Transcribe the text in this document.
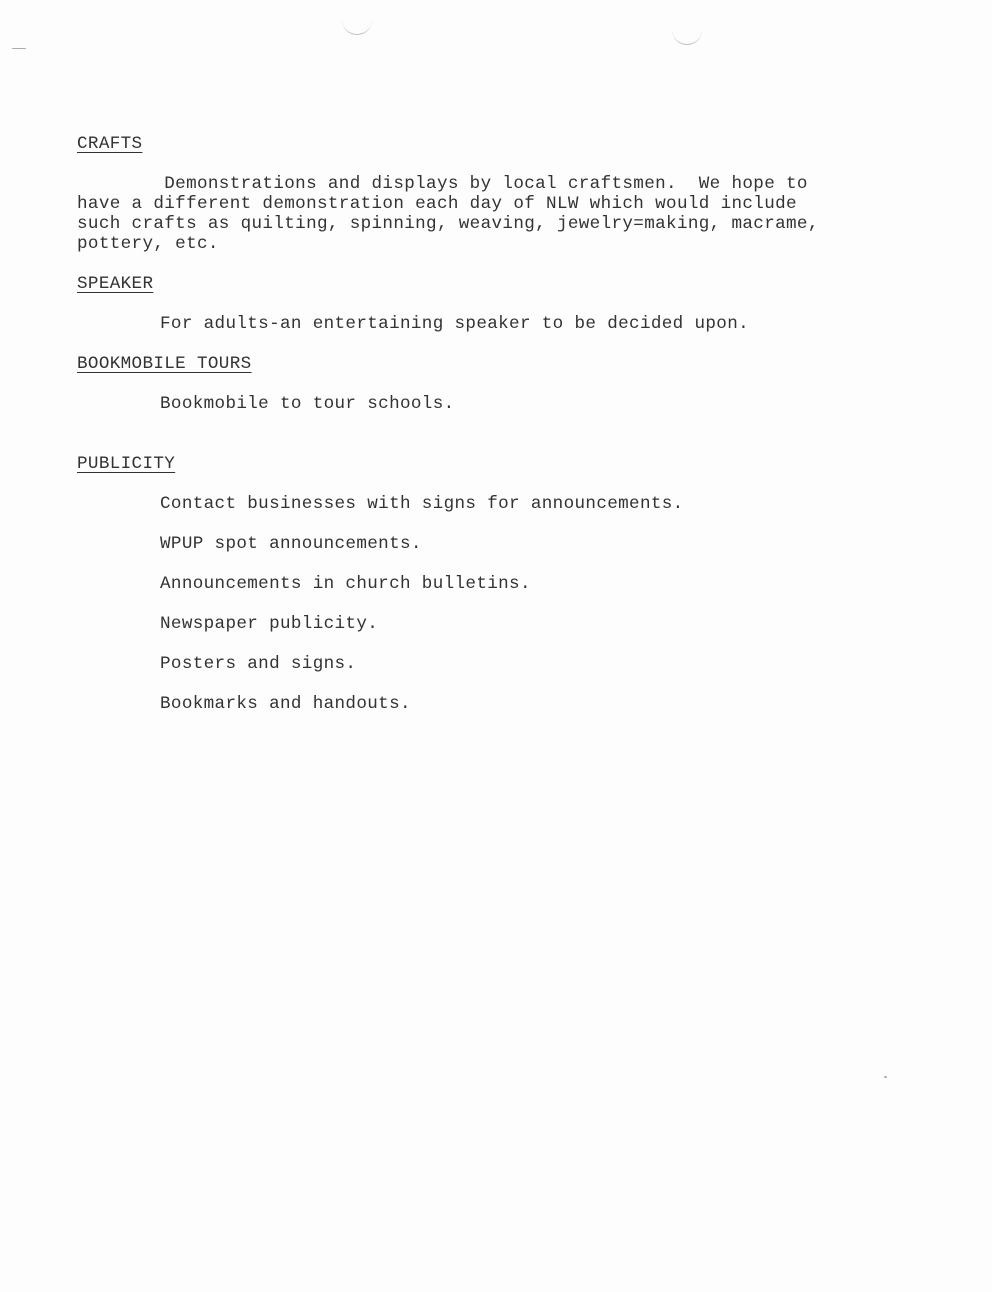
CRAFTS

Demonstrations and displays by local craftsmen.  We hope to

have a different demonstration each day of NLW which would include

such crafts as quilting, spinning, weaving, jewelry=making, macrame,

pottery, etc.

SPEAKER

For adults-an entertaining speaker to be decided upon.

BOOKMOBILE TOURS

Bookmobile to tour schools.

PUBLICITY

Contact businesses with signs for announcements.

WPUP spot announcements.

Announcements in church bulletins.

Newspaper publicity.

Posters and signs.

Bookmarks and handouts.
